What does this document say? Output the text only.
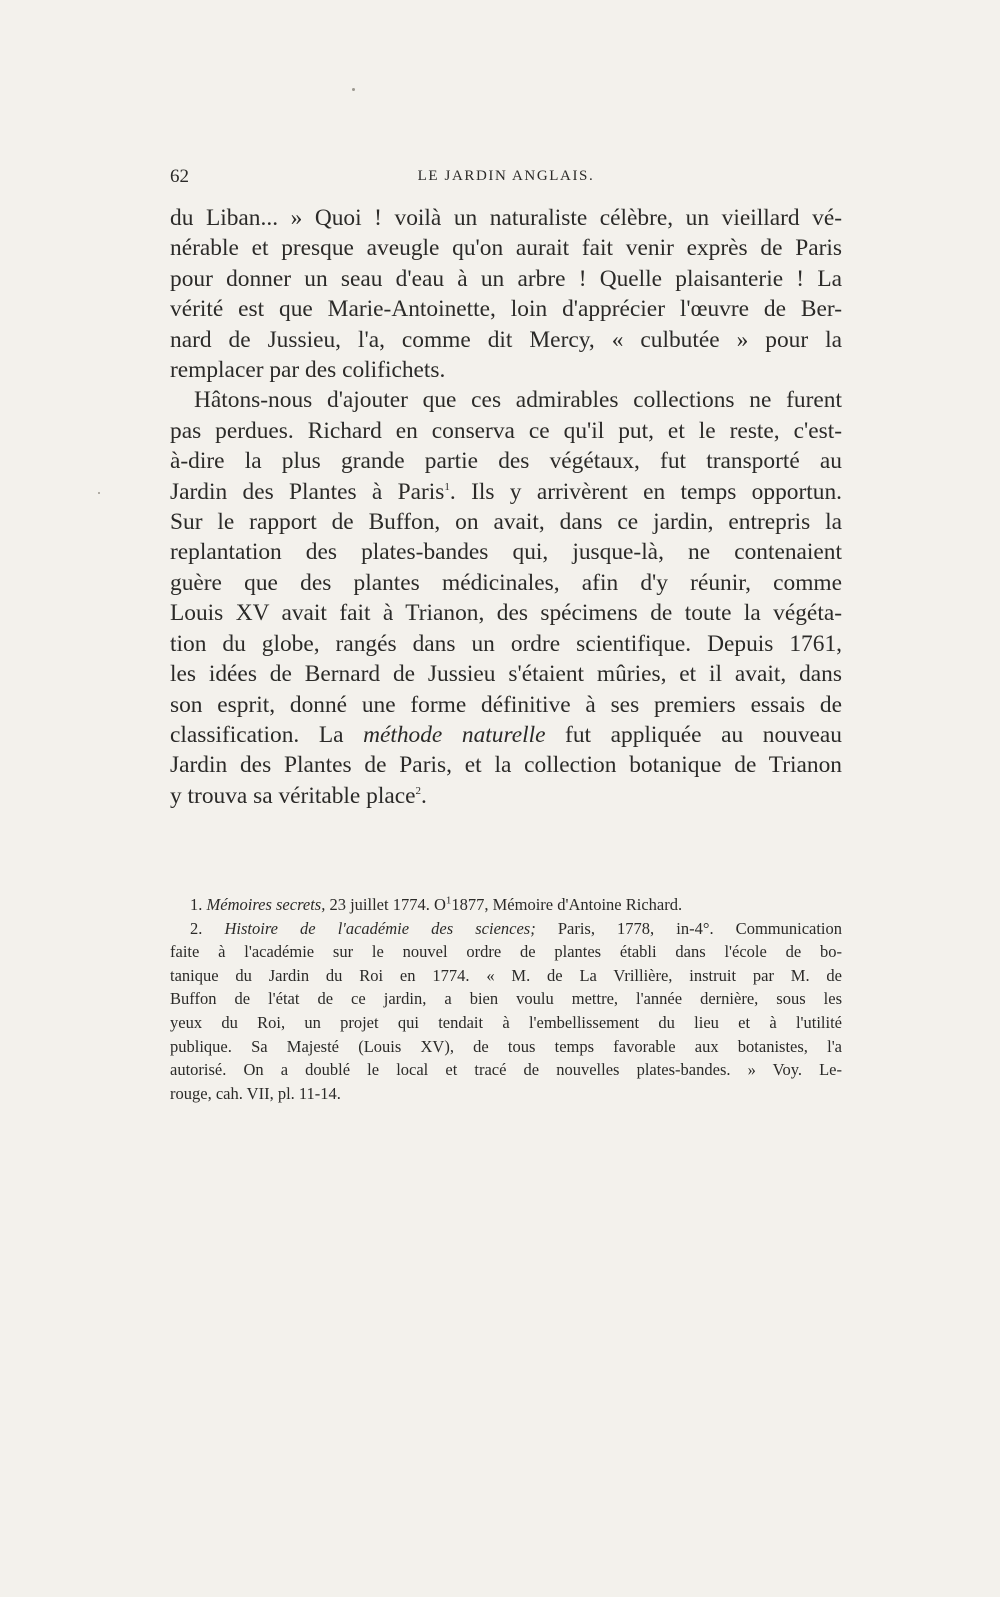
62	LE JARDIN ANGLAIS.
du Liban... » Quoi ! voilà un naturaliste célèbre, un vieillard vé-
nérable et presque aveugle qu'on aurait fait venir exprès de Paris
pour donner un seau d'eau à un arbre ! Quelle plaisanterie ! La
vérité est que Marie-Antoinette, loin d'apprécier l'œuvre de Ber-
nard de Jussieu, l'a, comme dit Mercy, « culbutée » pour la
remplacer par des colifichets.
Hâtons-nous d'ajouter que ces admirables collections ne furent
pas perdues. Richard en conserva ce qu'il put, et le reste, c'est-
à-dire la plus grande partie des végétaux, fut transporté au
Jardin des Plantes à Paris$^1$. Ils y arrivèrent en temps opportun.
Sur le rapport de Buffon, on avait, dans ce jardin, entrepris la
replantation des plates-bandes qui, jusque-là, ne contenaient
guère que des plantes médicinales, afin d'y réunir, comme
Louis XV avait fait à Trianon, des spécimens de toute la végéta-
tion du globe, rangés dans un ordre scientifique. Depuis 1761,
les idées de Bernard de Jussieu s'étaient mûries, et il avait, dans
son esprit, donné une forme définitive à ses premiers essais de
classification. La méthode naturelle fut appliquée au nouveau
Jardin des Plantes de Paris, et la collection botanique de Trianon
y trouva sa véritable place$^2$.
1. Mémoires secrets, 23 juillet 1774. $O^11877$, Mémoire d'Antoine Richard.
2. Histoire de l'académie des sciences; Paris, 1778, in-4°. Communication
faite à l'académie sur le nouvel ordre de plantes établi dans l'école de bo-
tanique du Jardin du Roi en 1774. « M. de La Vrillière, instruit par M. de
Buffon de l'état de ce jardin, a bien voulu mettre, l'année dernière, sous les
yeux du Roi, un projet qui tendait à l'embellissement du lieu et à l'utilité
publique. Sa Majesté (Louis XV), de tous temps favorable aux botanistes, l'a
autorisé. On a doublé le local et tracé de nouvelles plates-bandes. » Voy. Le-
rouge, cah. VII, pl. 11-14.
